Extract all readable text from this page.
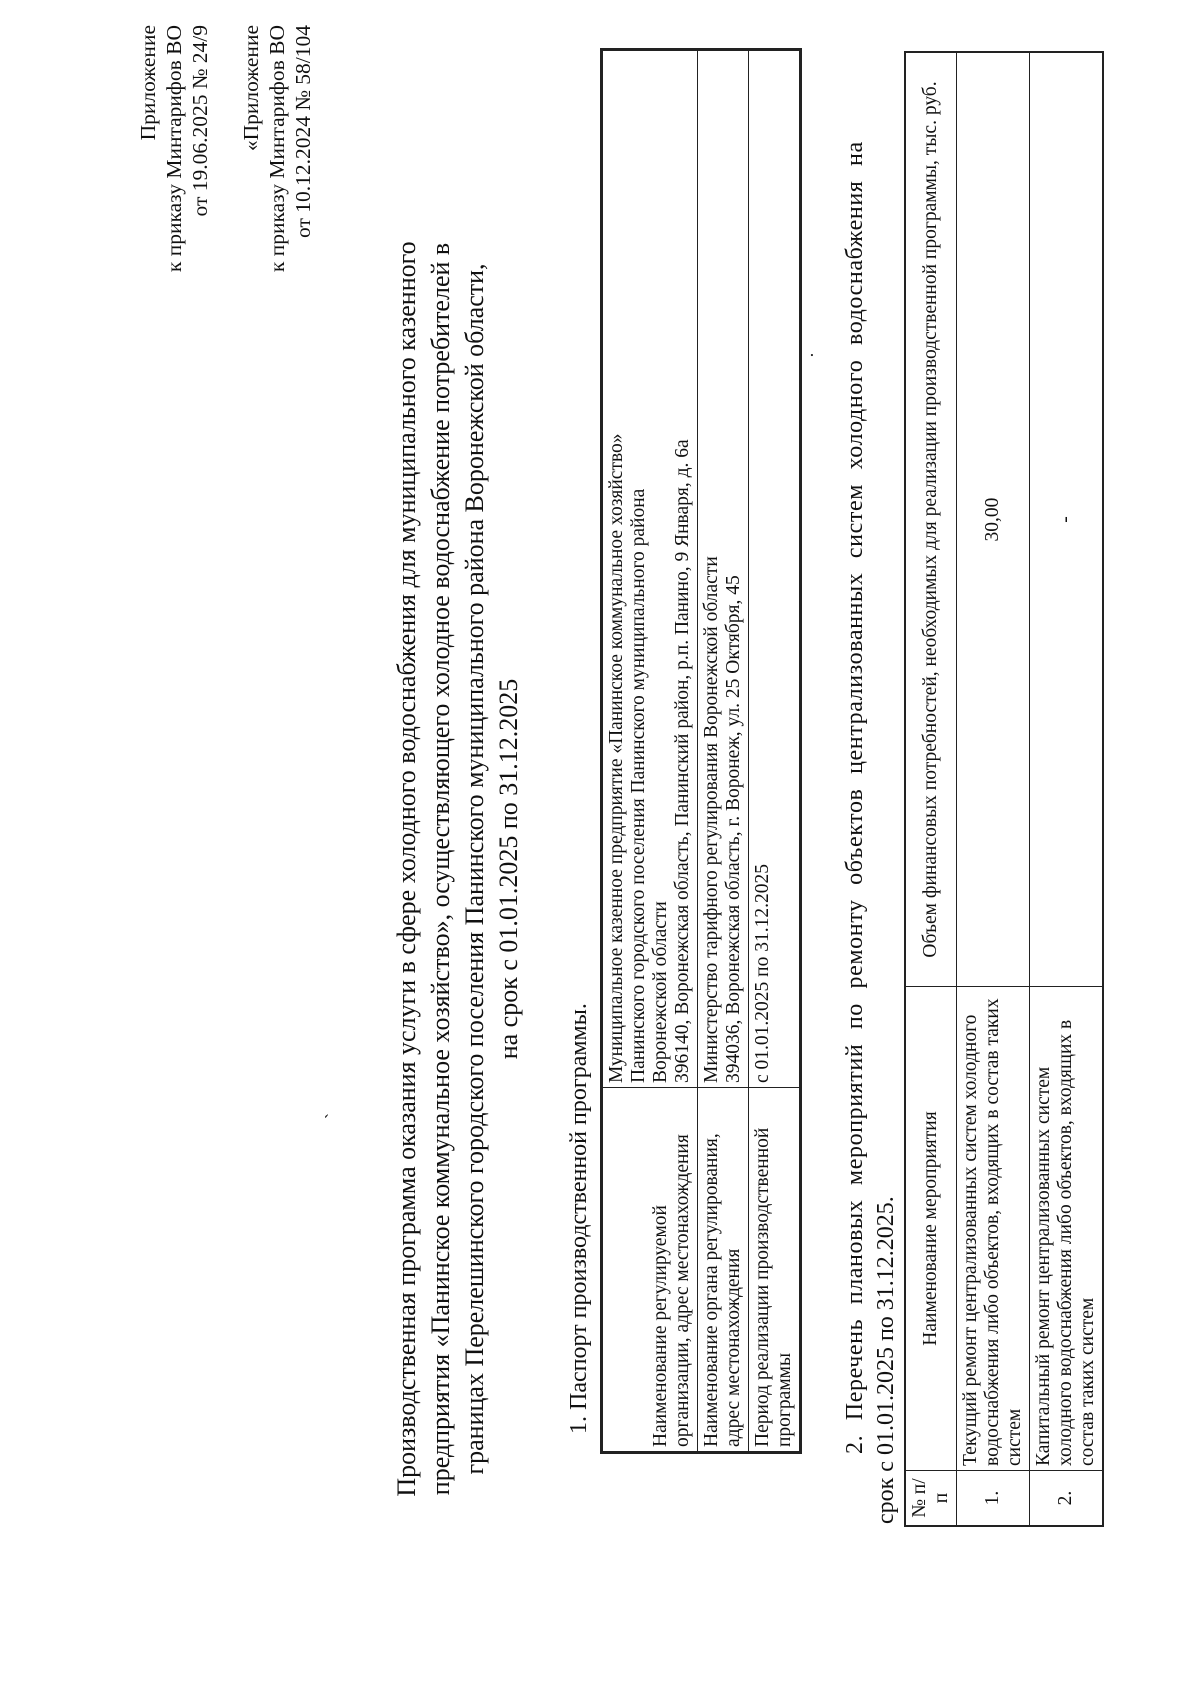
Приложение к приказу Минтарифов ВО от 19.06.2025 № 24/9 «Приложение к приказу Минтарифов ВО от 10.12.2024 № 58/104
ˏ Производственная программа оказания услуги в сфере холодного водоснабжения для муниципального казенного предприятия «Панинское коммунальное хозяйство», осуществляющего холодное водоснабжение потребителей в границах Перелешинского городского поселения Панинского муниципального района Воронежской области, на срок с 01.01.2025 по 31.12.2025
1. Паспорт производственной программы.	Наименование регулируемой организации, адрес местонахождения	Муниципальное казенное предприятие «Панинское коммунальное хозяйство» Панинского городского поселения Панинского муниципального района Воронежской области 396140, Воронежская область, Панинский район, р.п. Панино, 9 Января, д. 6а

Наименование органа регулирования, адрес местонахождения	Министерство тарифного регулирования Воронежской области 394036, Воронежская область, г. Воронеж, ул. 25 Октября, 45

Период реализации производственной программы	с 01.01.2025 по 31.12.2025
· 2. Перечень плановых мероприятий по ремонту объектов централизованных систем холодного водоснабжения на срок с 01.01.2025 по 31.12.2025. № п/п	Наименование мероприятия	Объем финансовых потребностей, необходимых для реализации производственной программы, тыс. руб.
1.	Текущий ремонт централизованных систем холодного водоснабжения либо объектов, входящих в состав таких систем	30,00
2.	Капитальный ремонт централизованных систем холодного водоснабжения либо объектов, входящих в состав таких систем	-
